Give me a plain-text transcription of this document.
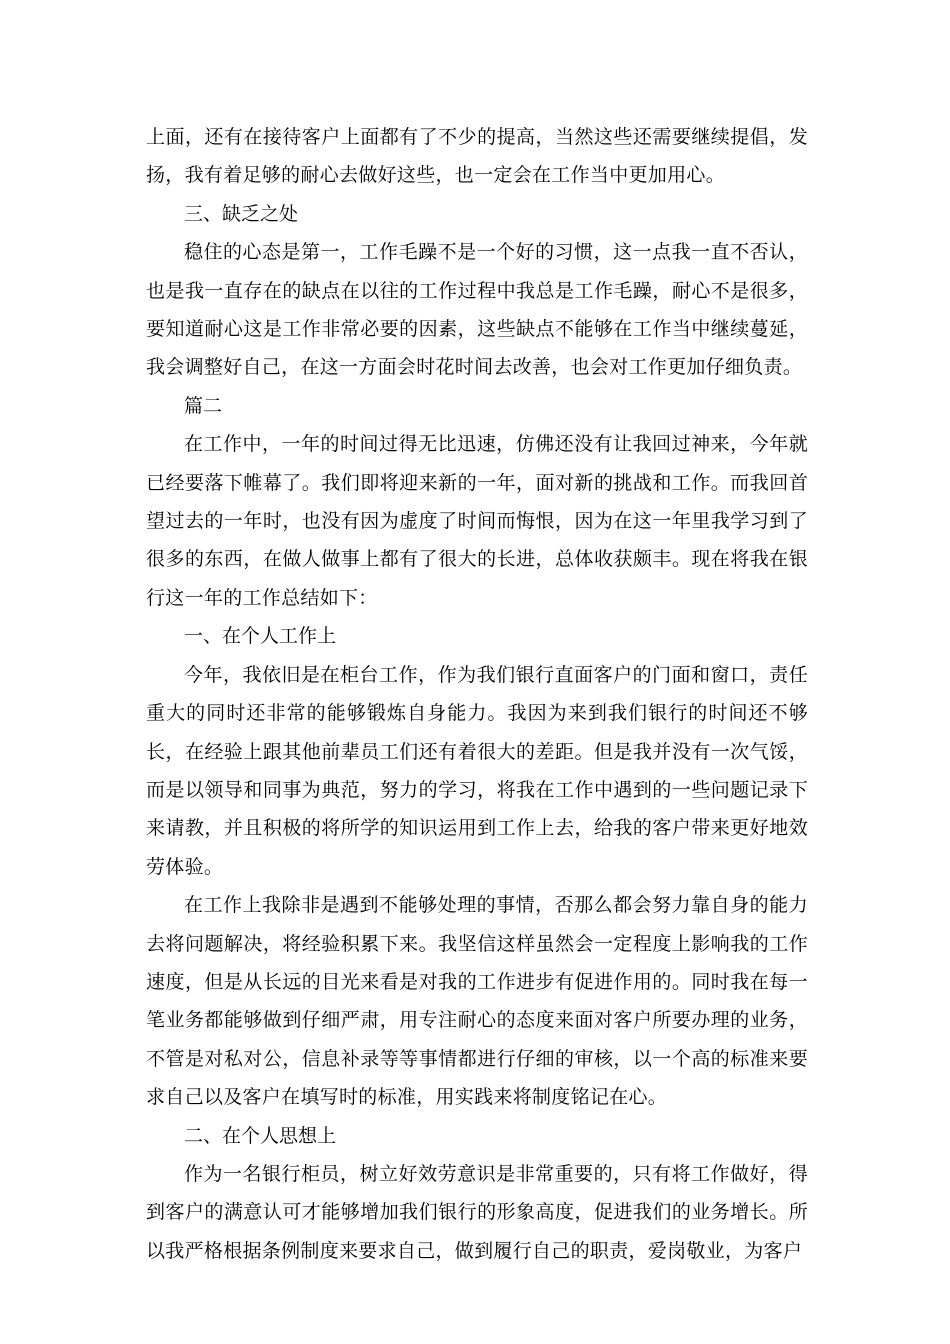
上面，还有在接待客户上面都有了不少的提高，当然这些还需要继续提倡，发扬，我有着足够的耐心去做好这些，也一定会在工作当中更加用心。

三、缺乏之处

稳住的心态是第一，工作毛躁不是一个好的习惯，这一点我一直不否认，也是我一直存在的缺点在以往的工作过程中我总是工作毛躁，耐心不是很多，要知道耐心这是工作非常必要的因素，这些缺点不能够在工作当中继续蔓延，我会调整好自己，在这一方面会时花时间去改善，也会对工作更加仔细负责。

篇二

在工作中，一年的时间过得无比迅速，仿佛还没有让我回过神来，今年就已经要落下帷幕了。我们即将迎来新的一年，面对新的挑战和工作。而我回首望过去的一年时，也没有因为虚度了时间而悔恨，因为在这一年里我学习到了很多的东西，在做人做事上都有了很大的长进，总体收获颇丰。现在将我在银行这一年的工作总结如下：

一、在个人工作上

今年，我依旧是在柜台工作，作为我们银行直面客户的门面和窗口，责任重大的同时还非常的能够锻炼自身能力。我因为来到我们银行的时间还不够长，在经验上跟其他前辈员工们还有着很大的差距。但是我并没有一次气馁，而是以领导和同事为典范，努力的学习，将我在工作中遇到的一些问题记录下来请教，并且积极的将所学的知识运用到工作上去，给我的客户带来更好地效劳体验。

在工作上我除非是遇到不能够处理的事情，否那么都会努力靠自身的能力去将问题解决，将经验积累下来。我坚信这样虽然会一定程度上影响我的工作速度，但是从长远的目光来看是对我的工作进步有促进作用的。同时我在每一笔业务都能够做到仔细严肃，用专注耐心的态度来面对客户所要办理的业务，不管是对私对公，信息补录等等事情都进行仔细的审核，以一个高的标准来要求自己以及客户在填写时的标准，用实践来将制度铭记在心。

二、在个人思想上

作为一名银行柜员，树立好效劳意识是非常重要的，只有将工作做好，得到客户的满意认可才能够增加我们银行的形象高度，促进我们的业务增长。所以我严格根据条例制度来要求自己，做到履行自己的职责，爱岗敬业，为客户
